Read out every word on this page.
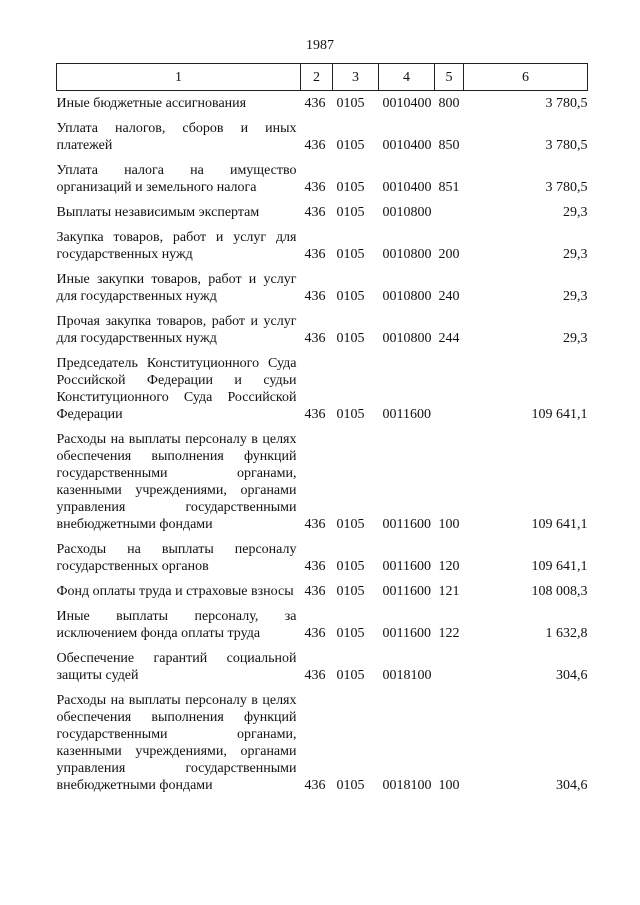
1987
1	2	3	4	5	6
Иные бюджетные ассигнования	436	0105	0010400	800	3 780,5
Уплата налогов, сборов и иных платежей	436	0105	0010400	850	3 780,5
Уплата налога на имущество организаций и земельного налога	436	0105	0010400	851	3 780,5
Выплаты независимым экспертам	436	0105	0010800		29,3
Закупка товаров, работ и услуг для государственных нужд	436	0105	0010800	200	29,3
Иные закупки товаров, работ и услуг для государственных нужд	436	0105	0010800	240	29,3
Прочая закупка товаров, работ и услуг для государственных нужд	436	0105	0010800	244	29,3
Председатель Конституционного Суда Российской Федерации и судьи Конституционного Суда Российской Федерации	436	0105	0011600		109 641,1
Расходы на выплаты персоналу в целях обеспечения выполнения функций государственными органами, казенными учреждениями, органами управления государственными внебюджетными фондами	436	0105	0011600	100	109 641,1
Расходы на выплаты персоналу государственных органов	436	0105	0011600	120	109 641,1
Фонд оплаты труда и страховые взносы	436	0105	0011600	121	108 008,3
Иные выплаты персоналу, за исключением фонда оплаты труда	436	0105	0011600	122	1 632,8
Обеспечение гарантий социальной защиты судей	436	0105	0018100		304,6
Расходы на выплаты персоналу в целях обеспечения выполнения функций государственными органами, казенными учреждениями, органами управления государственными внебюджетными фондами	436	0105	0018100	100	304,6
